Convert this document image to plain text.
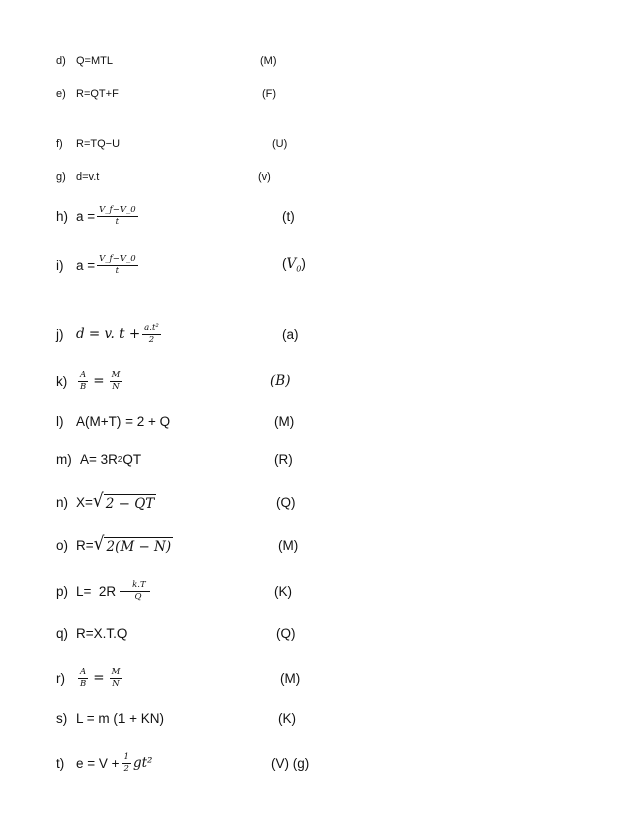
d) Q=MTL	(M)
e) R=QT+F	(F)
f)	R=TQ−U	(U)
g) d=v.t	(v)
h) $a = \frac{V\_f-V\_0}{t}$	(t)
i) $a = \frac{V\_f-V\_0}{t}$	$(V_0)$
j) d = v. $t + \frac{\text{a.t²}}{2}$	(a)
k)	$\frac{A}{B} = \frac{M}{N}$	(B)
l) A(M+T) = 2 + Q	(M)
m) A= 3R 2 QT	(R)
n) X= √ 2 − QT	(Q)
o) R= √ 2(M − N)	(M)
p) $L= 2R \frac{k.T}{Q}$	(K)
q) R=X.T.Q	(Q)
r)	$\frac{A}{B} = \frac{M}{N}$	(M)
s) L = m (1 + KN)	(K)
t) $e = V + \frac{1}{2} gt^2$	(V) (g)
